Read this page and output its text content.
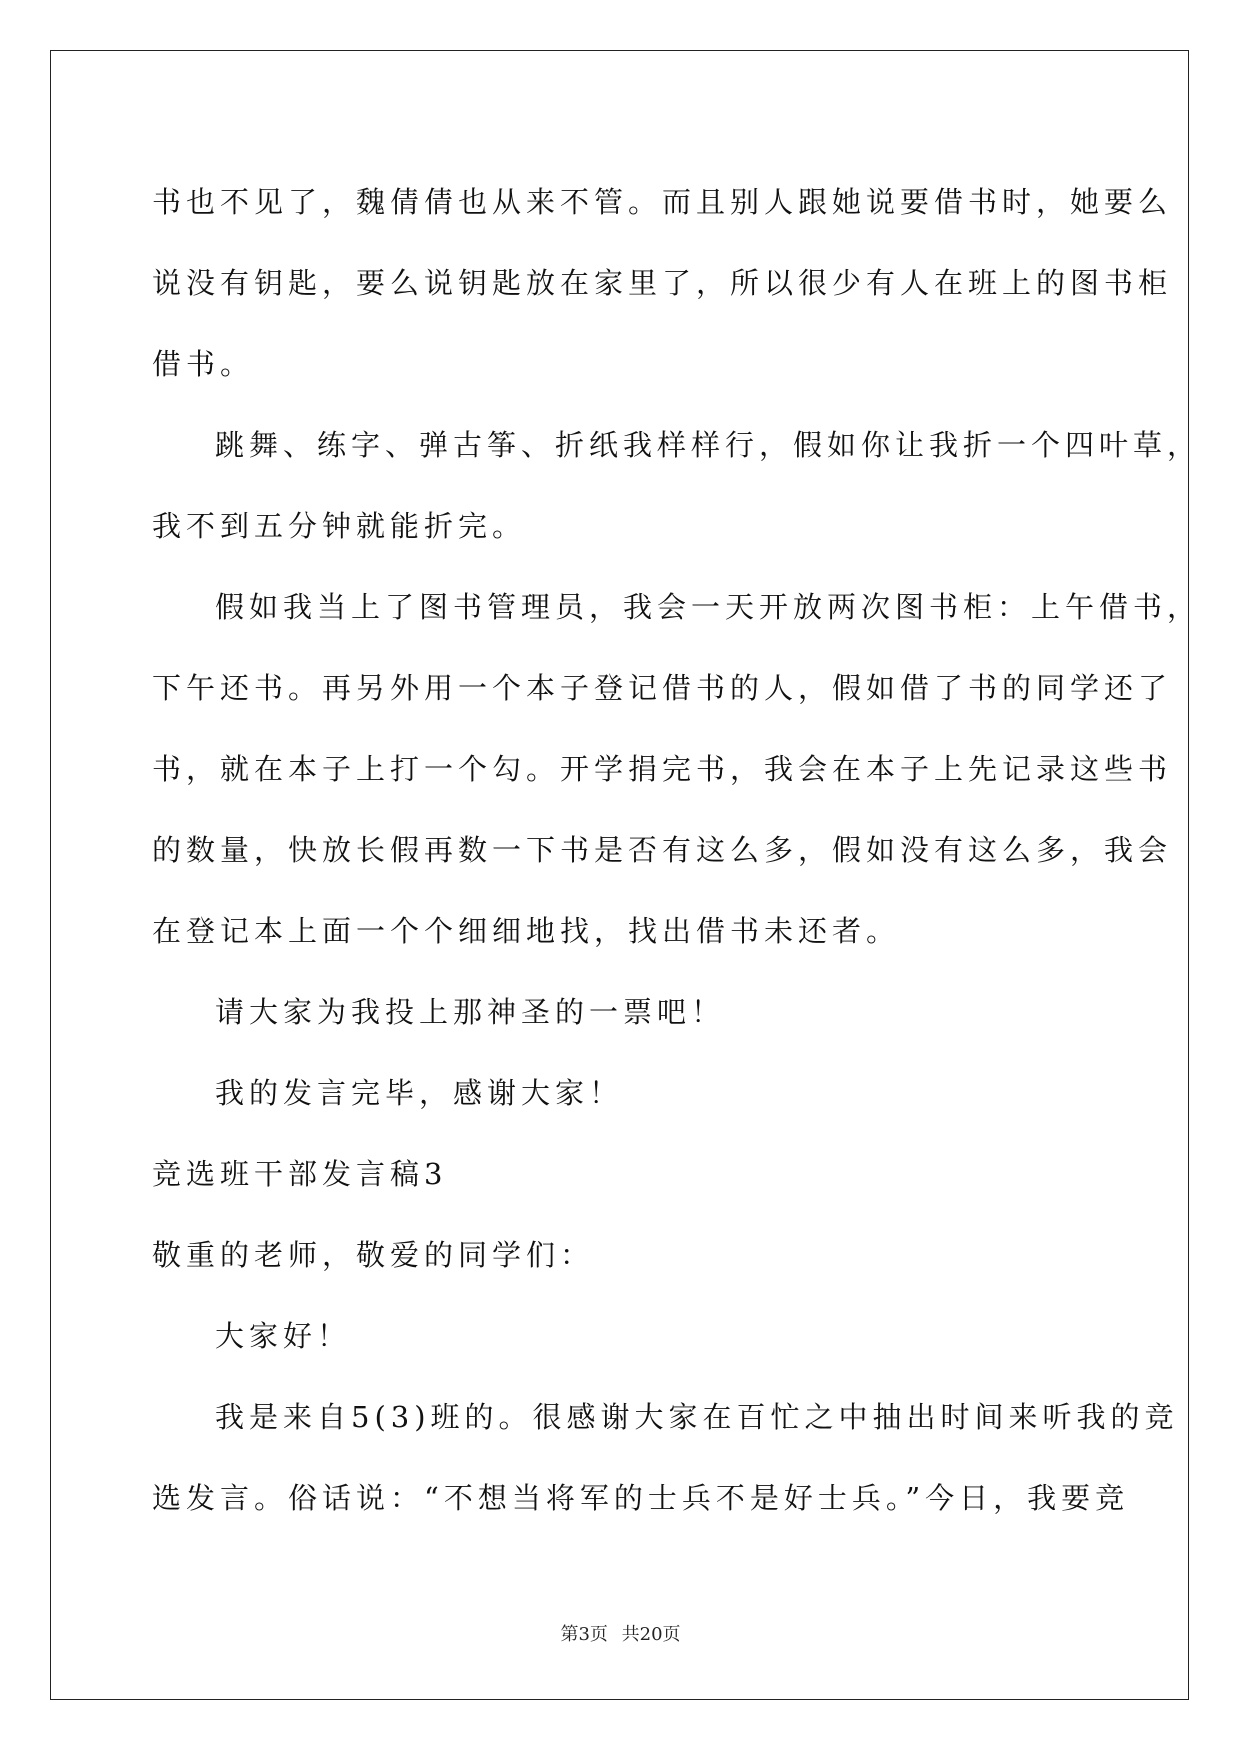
书也不见了，魏倩倩也从来不管。而且别人跟她说要借书时，她要么

说没有钥匙，要么说钥匙放在家里了，所以很少有人在班上的图书柜

借书。

跳舞、练字、弹古筝、折纸我样样行，假如你让我折一个四叶草，

我不到五分钟就能折完。

假如我当上了图书管理员，我会一天开放两次图书柜：上午借书，

下午还书。再另外用一个本子登记借书的人，假如借了书的同学还了

书，就在本子上打一个勾。开学捐完书，我会在本子上先记录这些书

的数量，快放长假再数一下书是否有这么多，假如没有这么多，我会

在登记本上面一个个细细地找，找出借书未还者。

请大家为我投上那神圣的一票吧！

我的发言完毕，感谢大家！

竞选班干部发言稿3

敬重的老师，敬爱的同学们：

大家好！

我是来自5(3)班的。很感谢大家在百忙之中抽出时间来听我的竞

选发言。俗话说：“不想当将军的士兵不是好士兵。”今日，我要竞

第3页 共20页
